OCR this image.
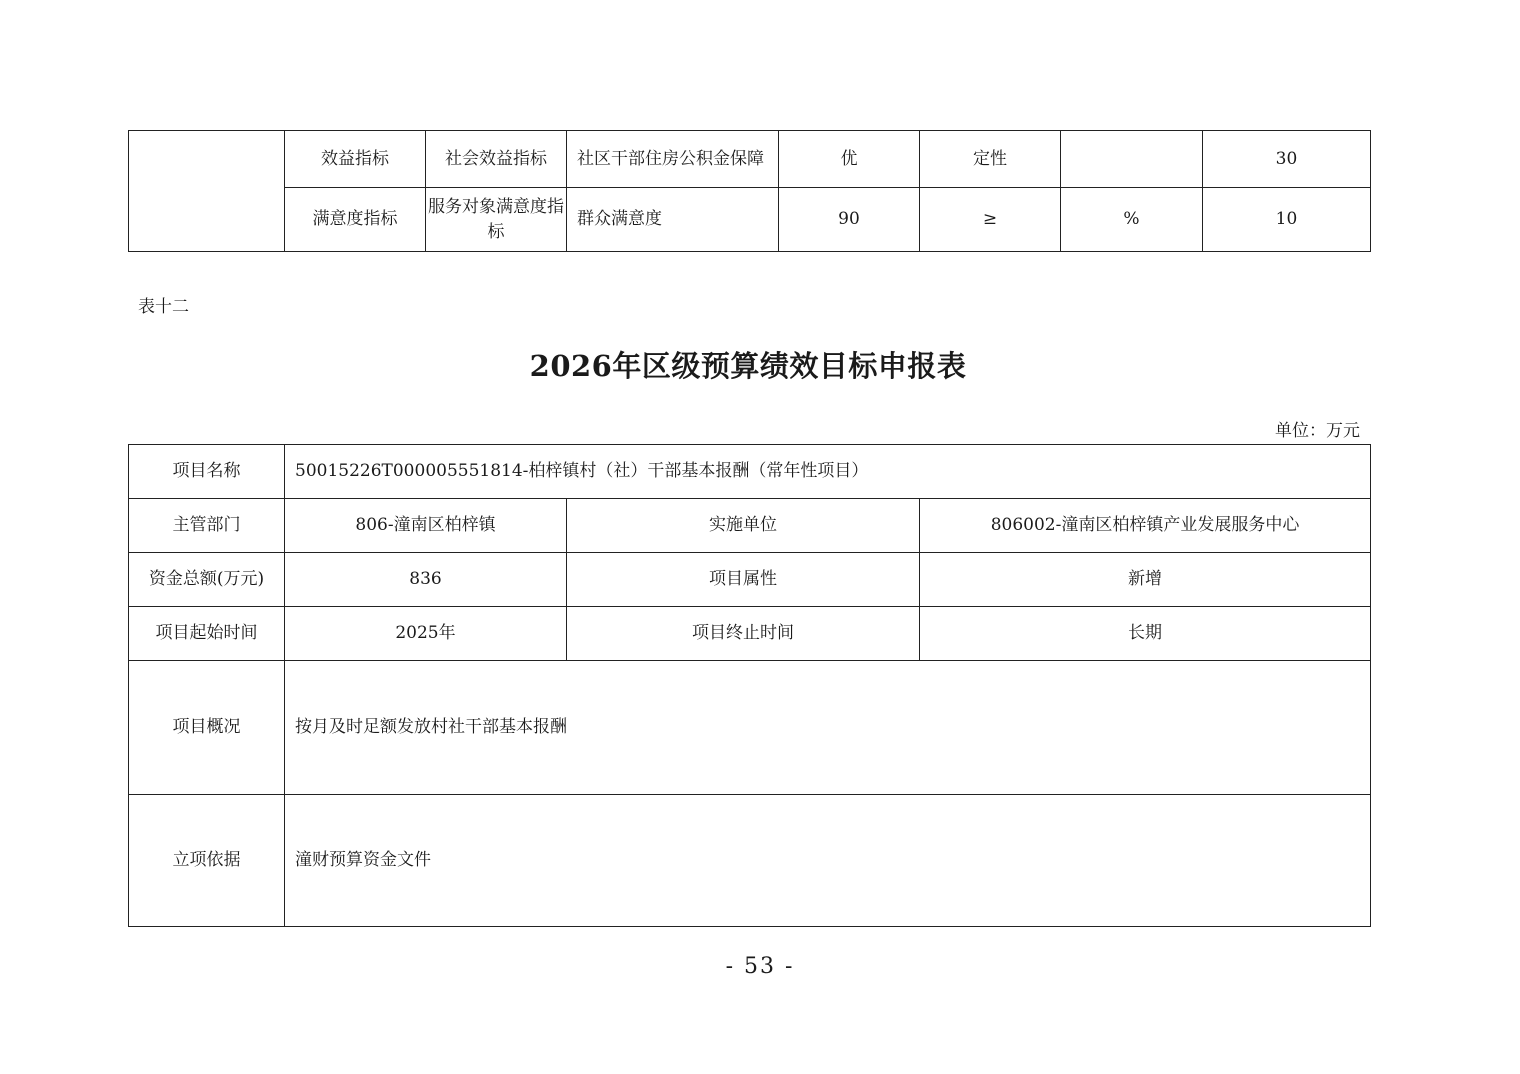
	效益指标	社会效益指标	社区干部住房公积金保障	优	定性		30
	满意度指标	服务对象满意度指标	群众满意度	90	≥	%	10
表十二
2026年区级预算绩效目标申报表
单位：万元
项目名称	50015226T000005551814-柏梓镇村（社）干部基本报酬（常年性项目）		
主管部门	806-潼南区柏梓镇	实施单位	806002-潼南区柏梓镇产业发展服务中心
资金总额(万元)	836	项目属性	新增
项目起始时间	2025年	项目终止时间	长期
项目概况	按月及时足额发放村社干部基本报酬		
立项依据	潼财预算资金文件		
- 53 -
